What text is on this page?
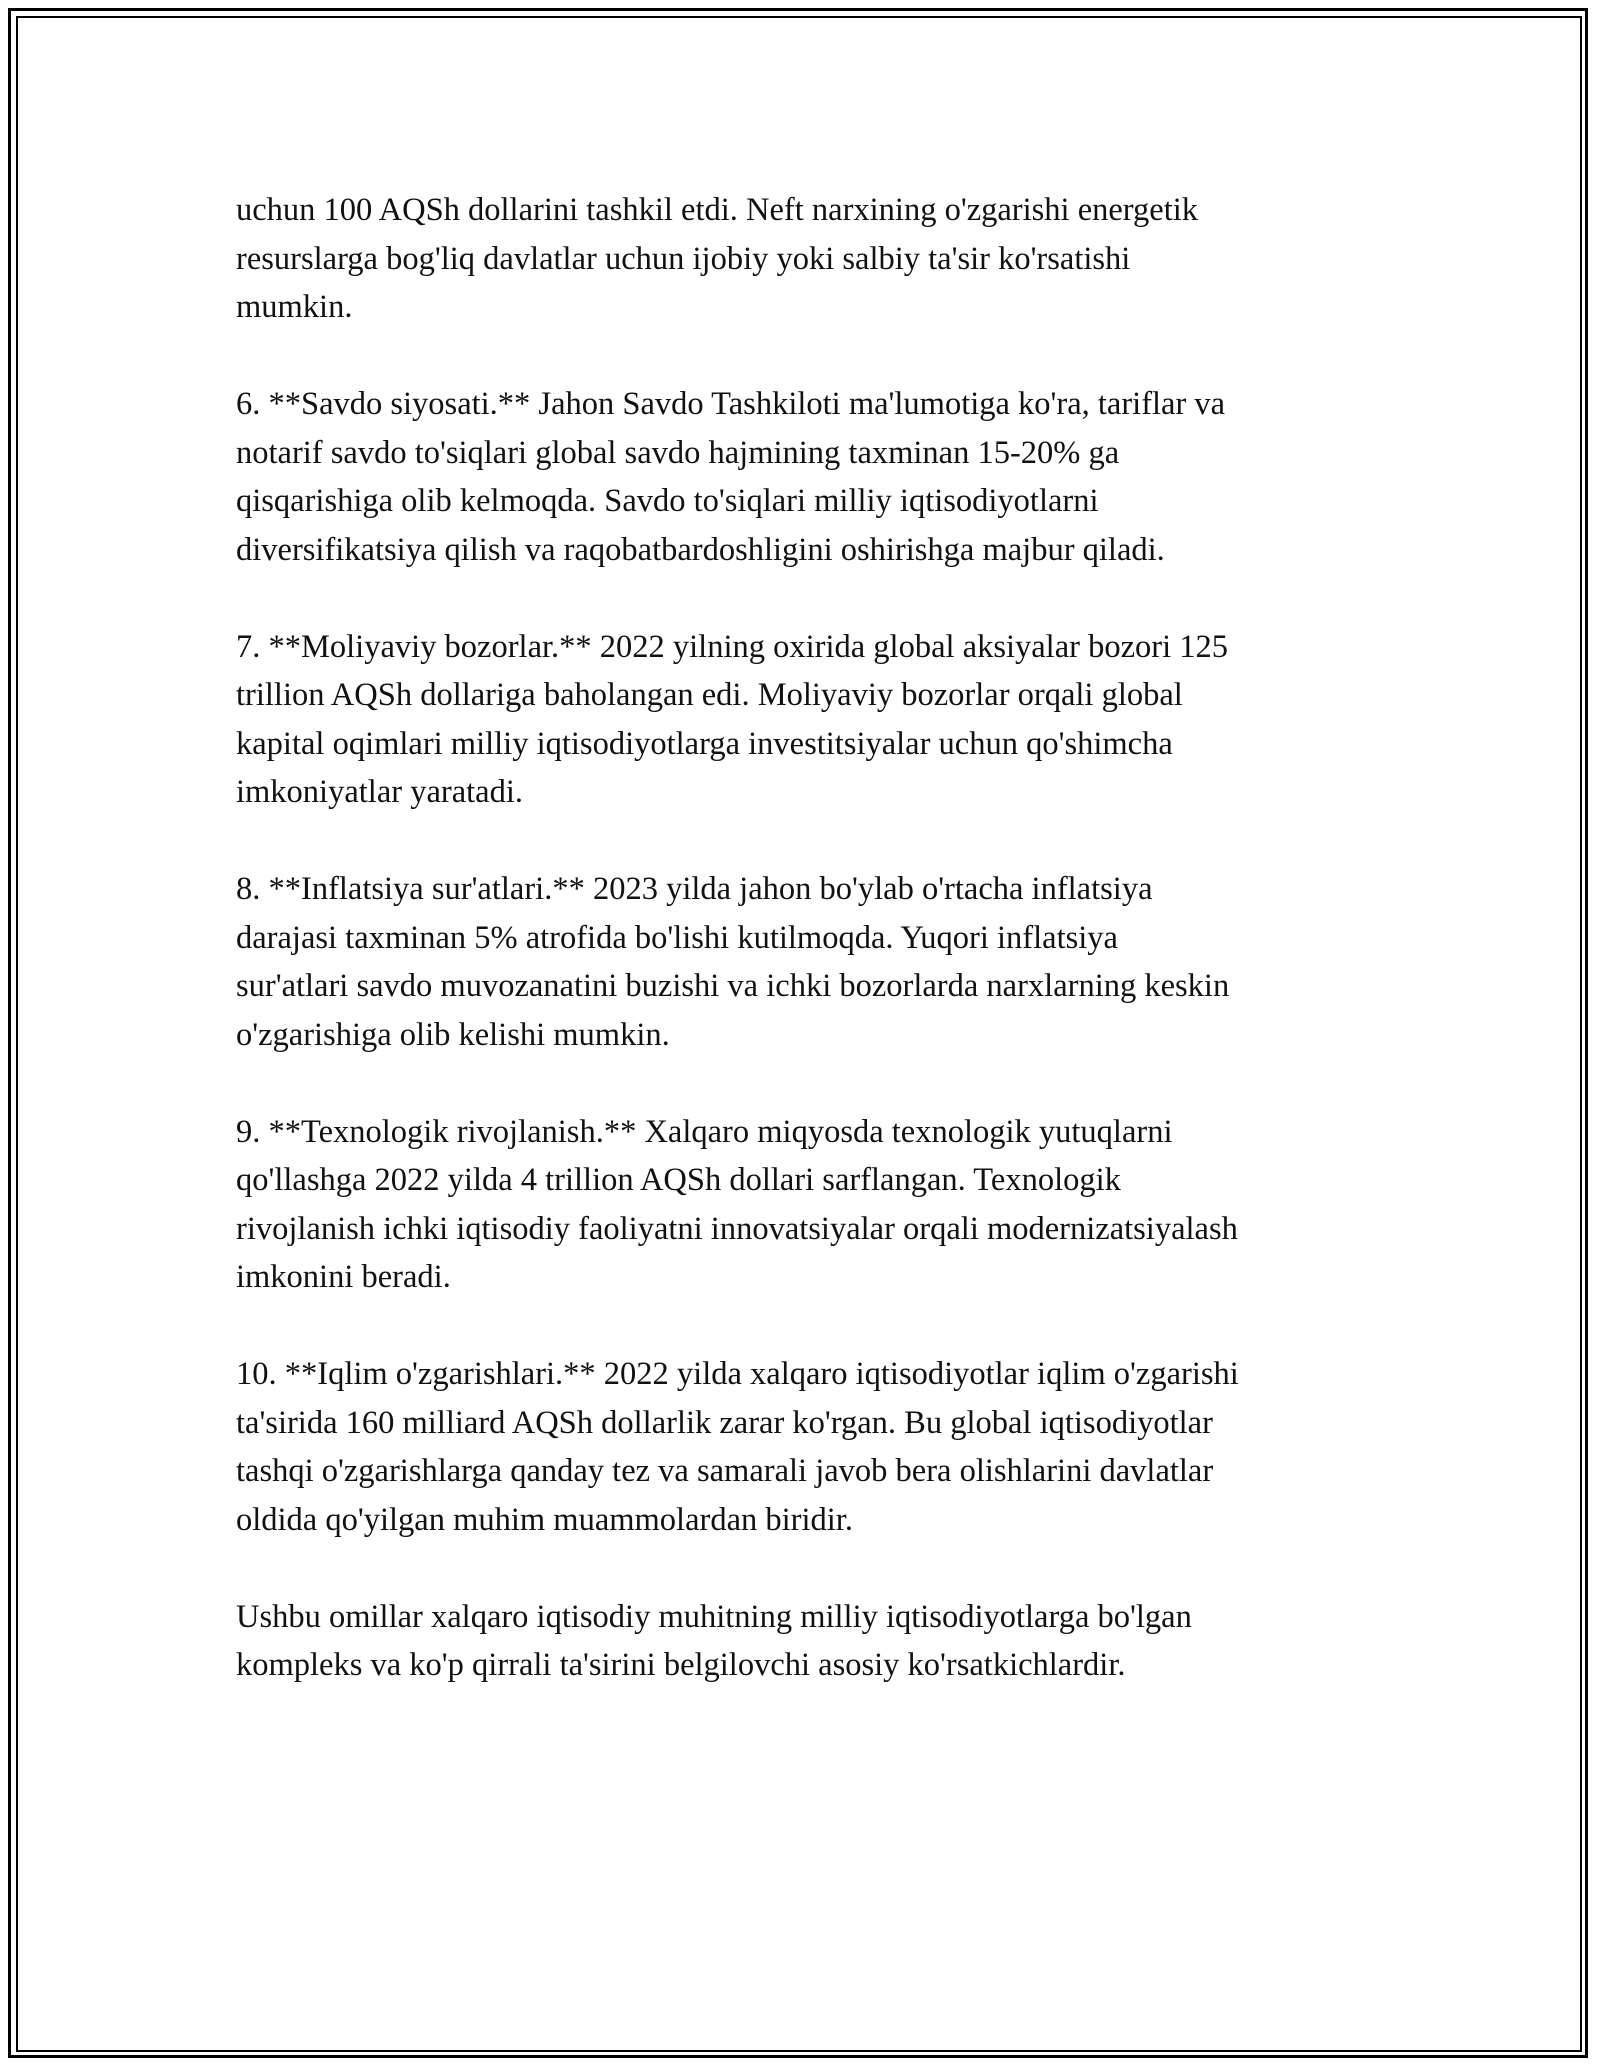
uchun 100 AQSh dollarini tashkil etdi. Neft narxining o'zgarishi energetik
resurslarga bog'liq davlatlar uchun ijobiy yoki salbiy ta'sir ko'rsatishi
mumkin.

6. **Savdo siyosati.** Jahon Savdo Tashkiloti ma'lumotiga ko'ra, tariflar va
notarif savdo to'siqlari global savdo hajmining taxminan 15-20% ga
qisqarishiga olib kelmoqda. Savdo to'siqlari milliy iqtisodiyotlarni
diversifikatsiya qilish va raqobatbardoshligini oshirishga majbur qiladi.

7. **Moliyaviy bozorlar.** 2022 yilning oxirida global aksiyalar bozori 125
trillion AQSh dollariga baholangan edi. Moliyaviy bozorlar orqali global
kapital oqimlari milliy iqtisodiyotlarga investitsiyalar uchun qo'shimcha
imkoniyatlar yaratadi.

8. **Inflatsiya sur'atlari.** 2023 yilda jahon bo'ylab o'rtacha inflatsiya
darajasi taxminan 5% atrofida bo'lishi kutilmoqda. Yuqori inflatsiya
sur'atlari savdo muvozanatini buzishi va ichki bozorlarda narxlarning keskin
o'zgarishiga olib kelishi mumkin.

9. **Texnologik rivojlanish.** Xalqaro miqyosda texnologik yutuqlarni
qo'llashga 2022 yilda 4 trillion AQSh dollari sarflangan. Texnologik
rivojlanish ichki iqtisodiy faoliyatni innovatsiyalar orqali modernizatsiyalash
imkonini beradi.

10. **Iqlim o'zgarishlari.** 2022 yilda xalqaro iqtisodiyotlar iqlim o'zgarishi
ta'sirida 160 milliard AQSh dollarlik zarar ko'rgan. Bu global iqtisodiyotlar
tashqi o'zgarishlarga qanday tez va samarali javob bera olishlarini davlatlar
oldida qo'yilgan muhim muammolardan biridir.

Ushbu omillar xalqaro iqtisodiy muhitning milliy iqtisodiyotlarga bo'lgan
kompleks va ko'p qirrali ta'sirini belgilovchi asosiy ko'rsatkichlardir.
